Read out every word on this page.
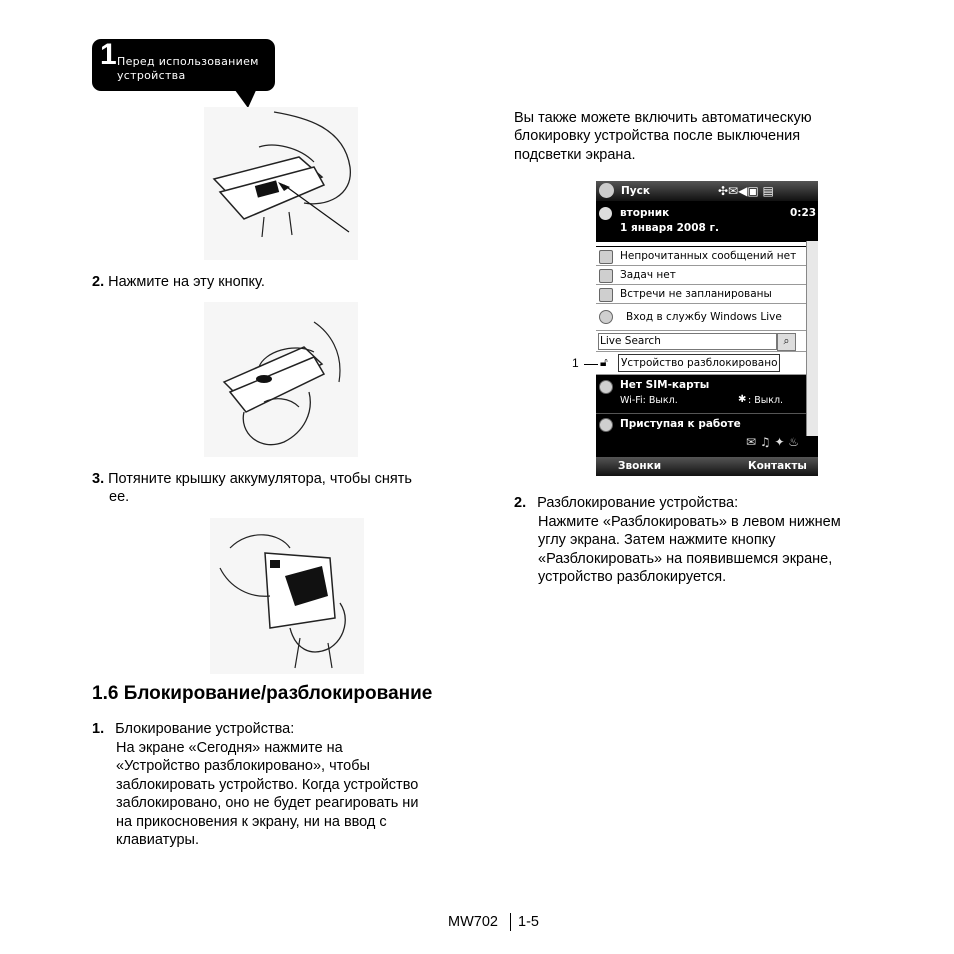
1 Перед использованием
устройства
2. Нажмите на эту кнопку.
3. Потяните крышку аккумулятора, чтобы снять
ее.
1.6 Блокирование/разблокирование
1. Блокирование устройства:
На экране «Сегодня» нажмите на
«Устройство разблокировано», чтобы
заблокировать устройство. Когда устройство
заблокировано, оно не будет реагировать ни
на прикосновения к экрану, ни на ввод с
клавиатуры.
Вы также можете включить автоматическую
блокировку устройства после выключения
подсветки экрана.
Пуск	✣✉◀▣ ▤
вторник	0:23
1 января 2008 г.
Непрочитанных сообщений нет
Задач нет
Встречи не запланированы
Вход в службу Windows Live
Live Search	⌕
🔓︎ Устройство разблокировано
Нет SIM-карты
Wi-Fi: Выкл.	✱ : Выкл.
Приступая к работе
✉ ♫ ✦ ♨
Звонки	Контакты
1
2. Разблокирование устройства:
Нажмите «Разблокировать» в левом нижнем
углу экрана. Затем нажмите кнопку
«Разблокировать» на появившемся экране,
устройство разблокируется.
MW702 1-5
